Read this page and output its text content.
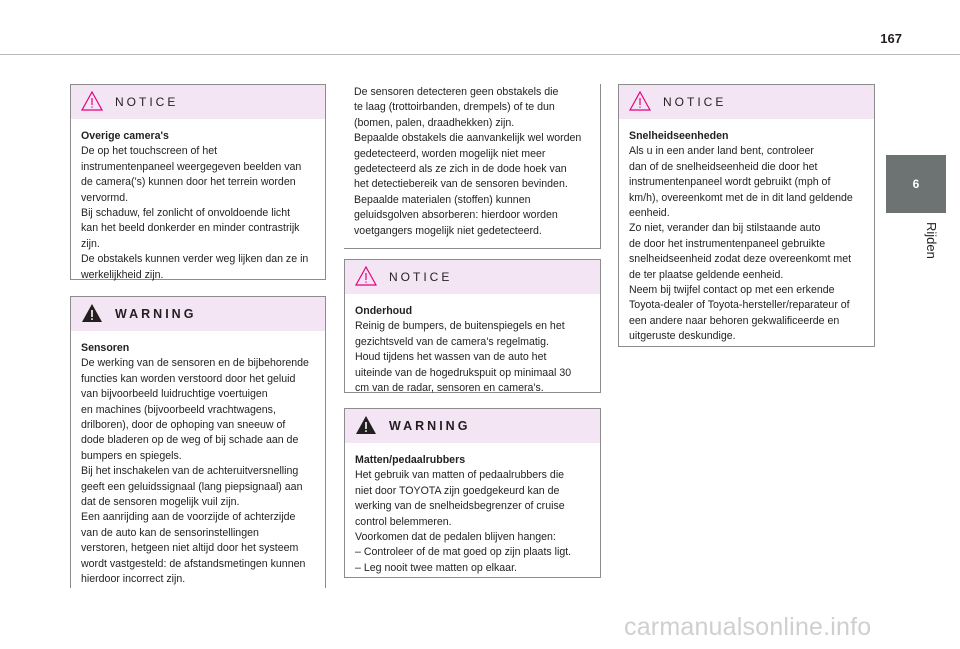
167
6
Rijden
NOTICE
Overige camera's
De op het touchscreen of het
instrumentenpaneel weergegeven beelden van
de camera('s) kunnen door het terrein worden
vervormd.
Bij schaduw, fel zonlicht of onvoldoende licht
kan het beeld donkerder en minder contrastrijk
zijn.
De obstakels kunnen verder weg lijken dan ze in
werkelijkheid zijn.
WARNING
Sensoren
De werking van de sensoren en de bijbehorende
functies kan worden verstoord door het geluid
van bijvoorbeeld luidruchtige voertuigen
en machines (bijvoorbeeld vrachtwagens,
drilboren), door de ophoping van sneeuw of
dode bladeren op de weg of bij schade aan de
bumpers en spiegels.
Bij het inschakelen van de achteruitversnelling
geeft een geluidssignaal (lang piepsignaal) aan
dat de sensoren mogelijk vuil zijn.
Een aanrijding aan de voorzijde of achterzijde
van de auto kan de sensorinstellingen
verstoren, hetgeen niet altijd door het systeem
wordt vastgesteld: de afstandsmetingen kunnen
hierdoor incorrect zijn.
De sensoren detecteren geen obstakels die
te laag (trottoirbanden, drempels) of te dun
(bomen, palen, draadhekken) zijn.
Bepaalde obstakels die aanvankelijk wel worden
gedetecteerd, worden mogelijk niet meer
gedetecteerd als ze zich in de dode hoek van
het detectiebereik van de sensoren bevinden.
Bepaalde materialen (stoffen) kunnen
geluidsgolven absorberen: hierdoor worden
voetgangers mogelijk niet gedetecteerd.
NOTICE
Onderhoud
Reinig de bumpers, de buitenspiegels en het
gezichtsveld van de camera's regelmatig.
Houd tijdens het wassen van de auto het
uiteinde van de hogedrukspuit op minimaal 30
cm van de radar, sensoren en camera's.
WARNING
Matten/pedaalrubbers
Het gebruik van matten of pedaalrubbers die
niet door TOYOTA zijn goedgekeurd kan de
werking van de snelheidsbegrenzer of cruise
control belemmeren.
Voorkomen dat de pedalen blijven hangen:
– Controleer of de mat goed op zijn plaats ligt.
– Leg nooit twee matten op elkaar.
NOTICE
Snelheidseenheden
Als u in een ander land bent, controleer
dan of de snelheidseenheid die door het
instrumentenpaneel wordt gebruikt (mph of
km/h), overeenkomt met de in dit land geldende
eenheid.
Zo niet, verander dan bij stilstaande auto
de door het instrumentenpaneel gebruikte
snelheidseenheid zodat deze overeenkomt met
de ter plaatse geldende eenheid.
Neem bij twijfel contact op met een erkende
Toyota-dealer of Toyota-hersteller/reparateur of
een andere naar behoren gekwalificeerde en
uitgeruste deskundige.
carmanualsonline.info
